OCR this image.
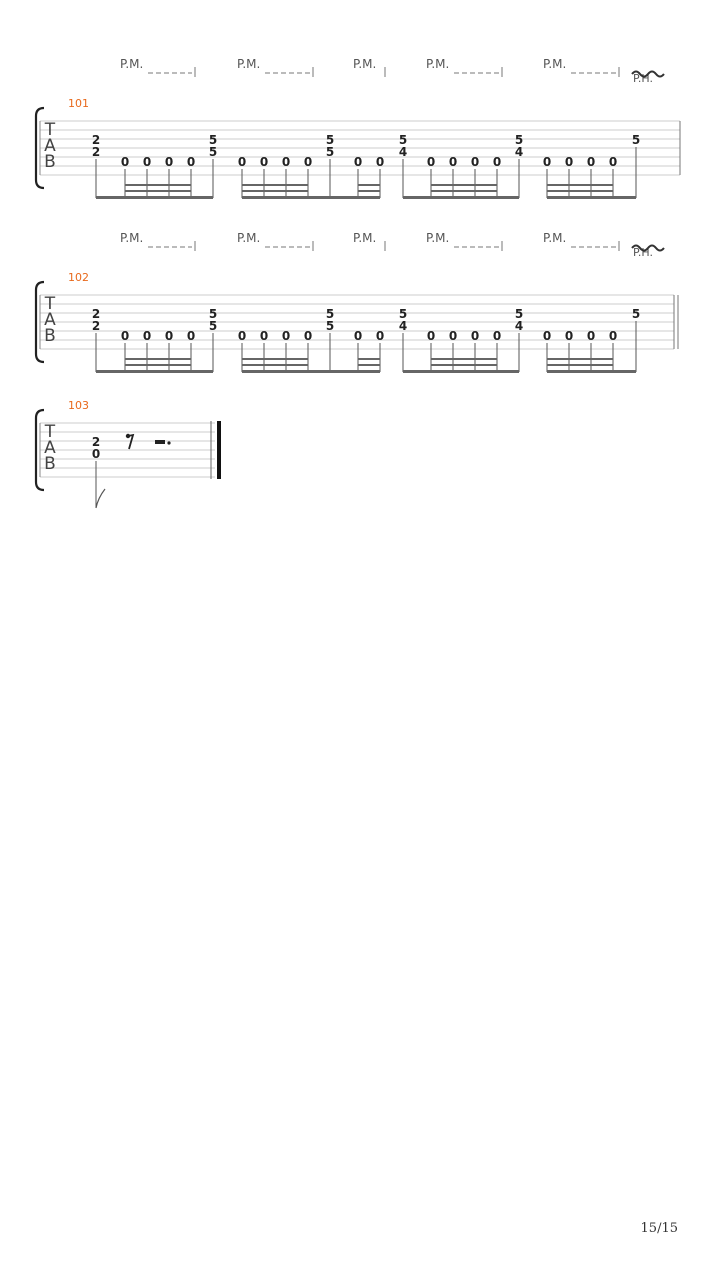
T
A
B
101
P.M.	P.M.	P.M.	P.M.	P.M.
P.H.
2
2
0 0 0 0
5
5
0 0 0 0
5
5
0 0
5
4
0 0 0 0
5
4
0 0 0 0
5
T
A
B
102
P.M.	P.M.	P.M.	P.M.	P.M.
P.H.
2
2
0 0 0 0
5
5
0 0 0 0
5
5
0 0
5
4
0 0 0 0
5
4
0 0 0 0
5
T
A
B
103
2
0
15/15
